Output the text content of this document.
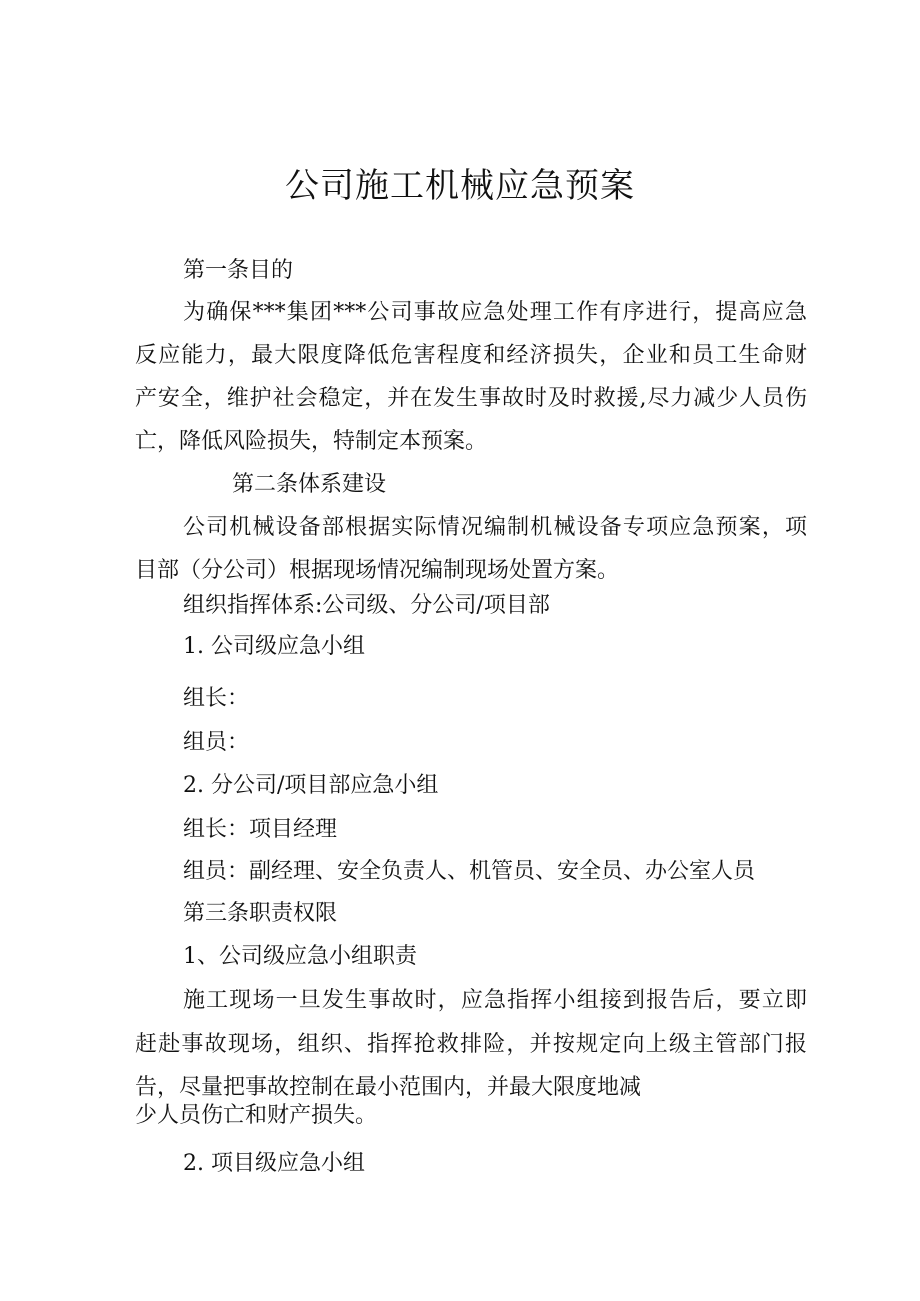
公司施工机械应急预案

第一条目的

为确保***集团***公司事故应急处理工作有序进行，提高应急

反应能力，最大限度降低危害程度和经济损失，企业和员工生命财

产安全，维护社会稳定，并在发生事故时及时救援,尽力减少人员伤

亡，降低风险损失，特制定本预案。

第二条体系建设

公司机械设备部根据实际情况编制机械设备专项应急预案，项

目部（分公司）根据现场情况编制现场处置方案。

组织指挥体系:公司级、分公司/项目部

1. 公司级应急小组

组长：

组员：

2. 分公司/项目部应急小组

组长：项目经理

组员：副经理、安全负责人、机管员、安全员、办公室人员

第三条职责权限

1、公司级应急小组职责

施工现场一旦发生事故时，应急指挥小组接到报告后，要立即

赶赴事故现场，组织、指挥抢救排险，并按规定向上级主管部门报

告，尽量把事故控制在最小范围内，并最大限度地减

少人员伤亡和财产损失。

2. 项目级应急小组
